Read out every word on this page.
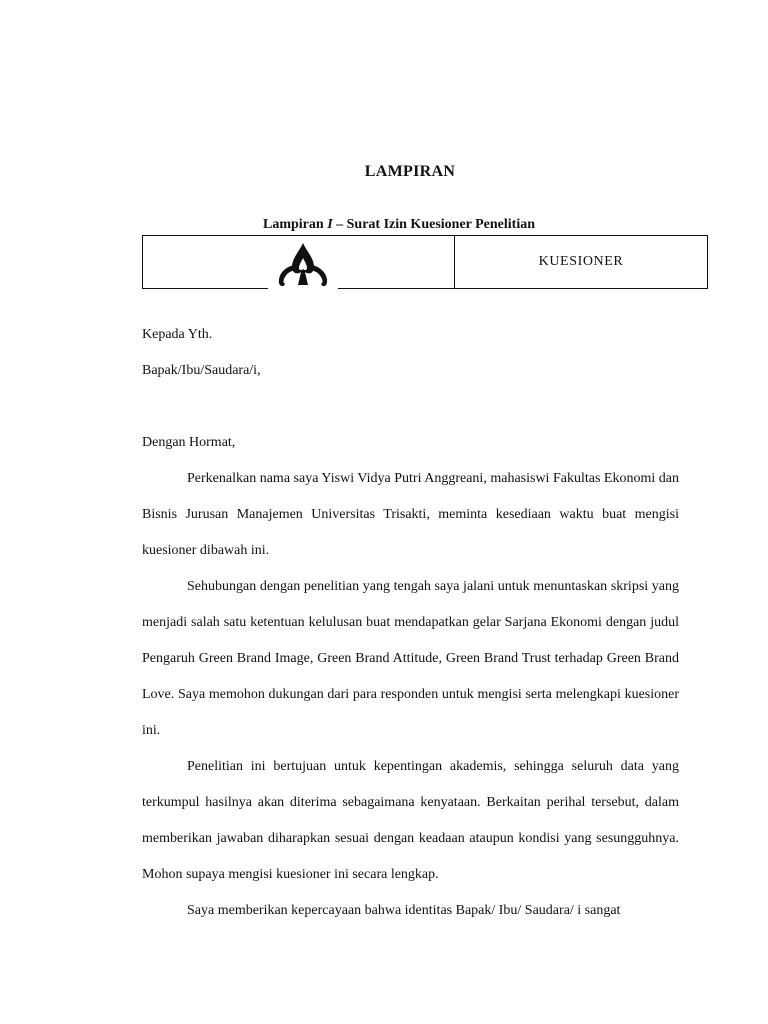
LAMPIRAN
Lampiran I – Surat Izin Kuesioner Penelitian
KUESIONER

Kepada Yth.

Bapak/Ibu/Saudara/i,

Dengan Hormat,

Perkenalkan nama saya Yiswi Vidya Putri Anggreani, mahasiswi Fakultas Ekonomi dan Bisnis Jurusan Manajemen Universitas Trisakti, meminta kesediaan waktu buat mengisi kuesioner dibawah ini.

Sehubungan dengan penelitian yang tengah saya jalani untuk menuntaskan skripsi yang menjadi salah satu ketentuan kelulusan buat mendapatkan gelar Sarjana Ekonomi dengan judul Pengaruh Green Brand Image, Green Brand Attitude, Green Brand Trust terhadap Green Brand Love. Saya memohon dukungan dari para responden untuk mengisi serta melengkapi kuesioner ini.

Penelitian ini bertujuan untuk kepentingan akademis, sehingga seluruh data yang terkumpul hasilnya akan diterima sebagaimana kenyataan. Berkaitan perihal tersebut, dalam memberikan jawaban diharapkan sesuai dengan keadaan ataupun kondisi yang sesungguhnya. Mohon supaya mengisi kuesioner ini secara lengkap.

Saya memberikan kepercayaan bahwa identitas Bapak/ Ibu/ Saudara/ i sangat
